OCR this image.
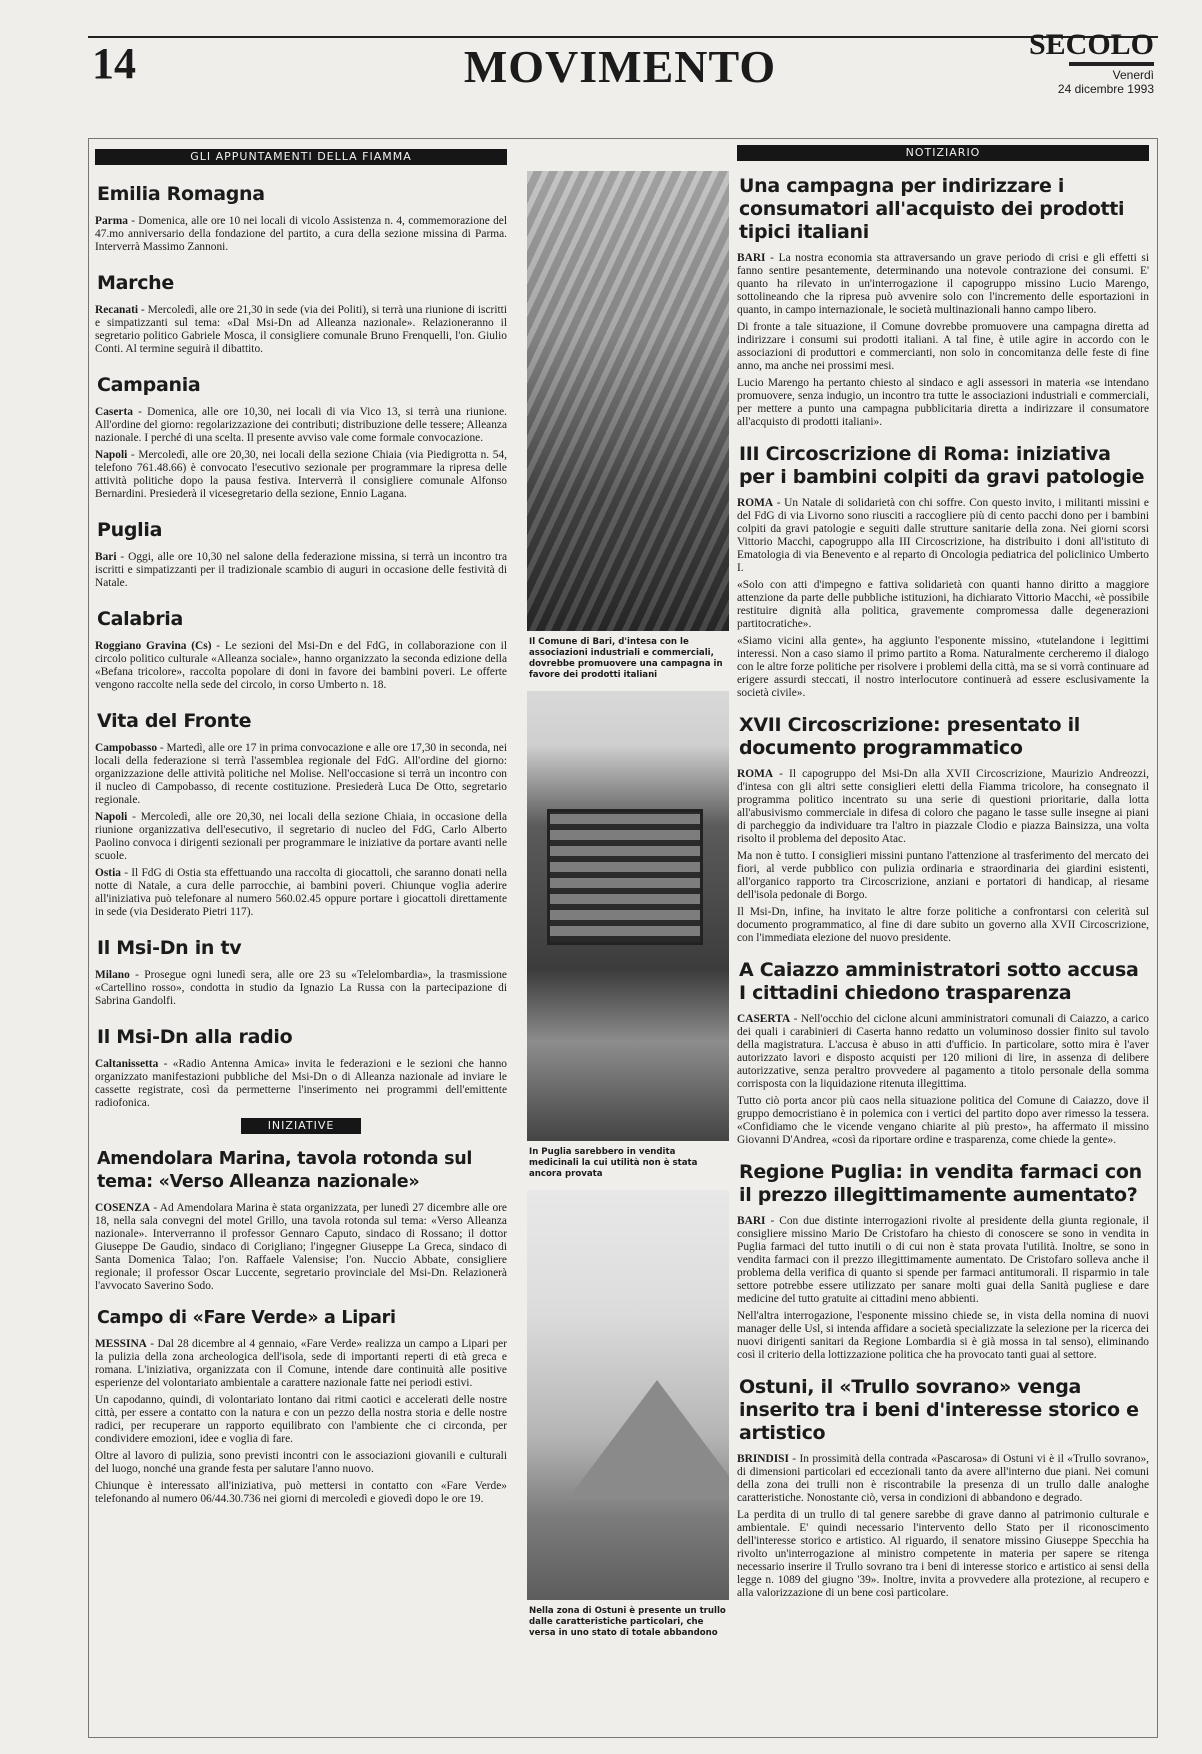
14	MOVIMENTO	SECOLO
Venerdì
24 dicembre 1993
GLI APPUNTAMENTI DELLA FIAMMA
Emilia Romagna

Parma - Domenica, alle ore 10 nei locali di vicolo Assistenza n. 4, commemorazione del 47.mo anniversario della fondazione del partito, a cura della sezione missina di Parma. Interverrà Massimo Zannoni.

Marche

Recanati - Mercoledì, alle ore 21,30 in sede (via dei Politi), si terrà una riunione di iscritti e simpatizzanti sul tema: «Dal Msi-Dn ad Alleanza nazionale». Relazioneranno il segretario politico Gabriele Mosca, il consigliere comunale Bruno Frenquelli, l'on. Giulio Conti. Al termine seguirà il dibattito.

Campania

Caserta - Domenica, alle ore 10,30, nei locali di via Vico 13, si terrà una riunione. All'ordine del giorno: regolarizzazione dei contributi; distribuzione delle tessere; Alleanza nazionale. I perché di una scelta. Il presente avviso vale come formale convocazione.

Napoli - Mercoledì, alle ore 20,30, nei locali della sezione Chiaia (via Piedigrotta n. 54, telefono 761.48.66) è convocato l'esecutivo sezionale per programmare la ripresa delle attività politiche dopo la pausa festiva. Interverrà il consigliere comunale Alfonso Bernardini. Presiederà il vicesegretario della sezione, Ennio Lagana.

Puglia

Bari - Oggi, alle ore 10,30 nel salone della federazione missina, si terrà un incontro tra iscritti e simpatizzanti per il tradizionale scambio di auguri in occasione delle festività di Natale.

Calabria

Roggiano Gravina (Cs) - Le sezioni del Msi-Dn e del FdG, in collaborazione con il circolo politico culturale «Alleanza sociale», hanno organizzato la seconda edizione della «Befana tricolore», raccolta popolare di doni in favore dei bambini poveri. Le offerte vengono raccolte nella sede del circolo, in corso Umberto n. 18.

Vita del Fronte

Campobasso - Martedì, alle ore 17 in prima convocazione e alle ore 17,30 in seconda, nei locali della federazione si terrà l'assemblea regionale del FdG. All'ordine del giorno: organizzazione delle attività politiche nel Molise. Nell'occasione si terrà un incontro con il nucleo di Campobasso, di recente costituzione. Presiederà Luca De Otto, segretario regionale.

Napoli - Mercoledì, alle ore 20,30, nei locali della sezione Chiaia, in occasione della riunione organizzativa dell'esecutivo, il segretario di nucleo del FdG, Carlo Alberto Paolino convoca i dirigenti sezionali per programmare le iniziative da portare avanti nelle scuole.

Ostia - Il FdG di Ostia sta effettuando una raccolta di giocattoli, che saranno donati nella notte di Natale, a cura delle parrocchie, ai bambini poveri. Chiunque voglia aderire all'iniziativa può telefonare al numero 560.02.45 oppure portare i giocattoli direttamente in sede (via Desiderato Pietri 117).

Il Msi-Dn in tv

Milano - Prosegue ogni lunedì sera, alle ore 23 su «Telelombardia», la trasmissione «Cartellino rosso», condotta in studio da Ignazio La Russa con la partecipazione di Sabrina Gandolfi.

Il Msi-Dn alla radio

Caltanissetta - «Radio Antenna Amica» invita le federazioni e le sezioni che hanno organizzato manifestazioni pubbliche del Msi-Dn o di Alleanza nazionale ad inviare le cassette registrate, così da permetterne l'inserimento nei programmi dell'emittente radiofonica.

INIZIATIVE
Amendolara Marina, tavola rotonda sul tema: «Verso Alleanza nazionale»

COSENZA - Ad Amendolara Marina è stata organizzata, per lunedì 27 dicembre alle ore 18, nella sala convegni del motel Grillo, una tavola rotonda sul tema: «Verso Alleanza nazionale». Interverranno il professor Gennaro Caputo, sindaco di Rossano; il dottor Giuseppe De Gaudio, sindaco di Corigliano; l'ingegner Giuseppe La Greca, sindaco di Santa Domenica Talao; l'on. Raffaele Valensise; l'on. Nuccio Abbate, consigliere regionale; il professor Oscar Luccente, segretario provinciale del Msi-Dn. Relazionerà l'avvocato Saverino Sodo.

Campo di «Fare Verde» a Lipari

MESSINA - Dal 28 dicembre al 4 gennaio, «Fare Verde» realizza un campo a Lipari per la pulizia della zona archeologica dell'isola, sede di importanti reperti di età greca e romana. L'iniziativa, organizzata con il Comune, intende dare continuità alle positive esperienze del volontariato ambientale a carattere nazionale fatte nei periodi estivi.

Un capodanno, quindi, di volontariato lontano dai ritmi caotici e accelerati delle nostre città, per essere a contatto con la natura e con un pezzo della nostra storia e delle nostre radici, per recuperare un rapporto equilibrato con l'ambiente che ci circonda, per condividere emozioni, idee e voglia di fare.

Oltre al lavoro di pulizia, sono previsti incontri con le associazioni giovanili e culturali del luogo, nonché una grande festa per salutare l'anno nuovo.

Chiunque è interessato all'iniziativa, può mettersi in contatto con «Fare Verde» telefonando al numero 06/44.30.736 nei giorni di mercoledì e giovedì dopo le ore 19.

Il Comune di Bari, d'intesa con le associazioni industriali e commerciali, dovrebbe promuovere una campagna in favore dei prodotti italiani
In Puglia sarebbero in vendita medicinali la cui utilità non è stata ancora provata
Nella zona di Ostuni è presente un trullo dalle caratteristiche particolari, che versa in uno stato di totale abbandono
NOTIZIARIO
Una campagna per indirizzare i consumatori all'acquisto dei prodotti tipici italiani

BARI - La nostra economia sta attraversando un grave periodo di crisi e gli effetti si fanno sentire pesantemente, determinando una notevole contrazione dei consumi. E' quanto ha rilevato in un'interrogazione il capogruppo missino Lucio Marengo, sottolineando che la ripresa può avvenire solo con l'incremento delle esportazioni in quanto, in campo internazionale, le società multinazionali hanno campo libero.

Di fronte a tale situazione, il Comune dovrebbe promuovere una campagna diretta ad indirizzare i consumi sui prodotti italiani. A tal fine, è utile agire in accordo con le associazioni di produttori e commercianti, non solo in concomitanza delle feste di fine anno, ma anche nei prossimi mesi.

Lucio Marengo ha pertanto chiesto al sindaco e agli assessori in materia «se intendano promuovere, senza indugio, un incontro tra tutte le associazioni industriali e commerciali, per mettere a punto una campagna pubblicitaria diretta a indirizzare il consumatore all'acquisto di prodotti italiani».

III Circoscrizione di Roma: iniziativa per i bambini colpiti da gravi patologie

ROMA - Un Natale di solidarietà con chi soffre. Con questo invito, i militanti missini e del FdG di via Livorno sono riusciti a raccogliere più di cento pacchi dono per i bambini colpiti da gravi patologie e seguiti dalle strutture sanitarie della zona. Nei giorni scorsi Vittorio Macchi, capogruppo alla III Circoscrizione, ha distribuito i doni all'istituto di Ematologia di via Benevento e al reparto di Oncologia pediatrica del policlinico Umberto I.

«Solo con atti d'impegno e fattiva solidarietà con quanti hanno diritto a maggiore attenzione da parte delle pubbliche istituzioni, ha dichiarato Vittorio Macchi, «è possibile restituire dignità alla politica, gravemente compromessa dalle degenerazioni partitocratiche».

«Siamo vicini alla gente», ha aggiunto l'esponente missino, «tutelandone i legittimi interessi. Non a caso siamo il primo partito a Roma. Naturalmente cercheremo il dialogo con le altre forze politiche per risolvere i problemi della città, ma se si vorrà continuare ad erigere assurdi steccati, il nostro interlocutore continuerà ad essere esclusivamente la società civile».

XVII Circoscrizione: presentato il documento programmatico

ROMA - Il capogruppo del Msi-Dn alla XVII Circoscrizione, Maurizio Andreozzi, d'intesa con gli altri sette consiglieri eletti della Fiamma tricolore, ha consegnato il programma politico incentrato su una serie di questioni prioritarie, dalla lotta all'abusivismo commerciale in difesa di coloro che pagano le tasse sulle insegne ai piani di parcheggio da individuare tra l'altro in piazzale Clodio e piazza Bainsizza, una volta risolto il problema del deposito Atac.

Ma non è tutto. I consiglieri missini puntano l'attenzione al trasferimento del mercato dei fiori, al verde pubblico con pulizia ordinaria e straordinaria dei giardini esistenti, all'organico rapporto tra Circoscrizione, anziani e portatori di handicap, al riesame dell'isola pedonale di Borgo.

Il Msi-Dn, infine, ha invitato le altre forze politiche a confrontarsi con celerità sul documento programmatico, al fine di dare subito un governo alla XVII Circoscrizione, con l'immediata elezione del nuovo presidente.

A Caiazzo amministratori sotto accusa I cittadini chiedono trasparenza

CASERTA - Nell'occhio del ciclone alcuni amministratori comunali di Caiazzo, a carico dei quali i carabinieri di Caserta hanno redatto un voluminoso dossier finito sul tavolo della magistratura. L'accusa è abuso in atti d'ufficio. In particolare, sotto mira è l'aver autorizzato lavori e disposto acquisti per 120 milioni di lire, in assenza di delibere autorizzative, senza peraltro provvedere al pagamento a titolo personale della somma corrisposta con la liquidazione ritenuta illegittima.

Tutto ciò porta ancor più caos nella situazione politica del Comune di Caiazzo, dove il gruppo democristiano è in polemica con i vertici del partito dopo aver rimesso la tessera. «Confidiamo che le vicende vengano chiarite al più presto», ha affermato il missino Giovanni D'Andrea, «così da riportare ordine e trasparenza, come chiede la gente».

Regione Puglia: in vendita farmaci con il prezzo illegittimamente aumentato?

BARI - Con due distinte interrogazioni rivolte al presidente della giunta regionale, il consigliere missino Mario De Cristofaro ha chiesto di conoscere se sono in vendita in Puglia farmaci del tutto inutili o di cui non è stata provata l'utilità. Inoltre, se sono in vendita farmaci con il prezzo illegittimamente aumentato. De Cristofaro solleva anche il problema della verifica di quanto si spende per farmaci antitumorali. Il risparmio in tale settore potrebbe essere utilizzato per sanare molti guai della Sanità pugliese e dare medicine del tutto gratuite ai cittadini meno abbienti.

Nell'altra interrogazione, l'esponente missino chiede se, in vista della nomina di nuovi manager delle Usl, si intenda affidare a società specializzate la selezione per la ricerca dei nuovi dirigenti sanitari da Regione Lombardia si è già mossa in tal senso), eliminando così il criterio della lottizzazione politica che ha provocato tanti guai al settore.

Ostuni, il «Trullo sovrano» venga inserito tra i beni d'interesse storico e artistico

BRINDISI - In prossimità della contrada «Pascarosa» di Ostuni vi è il «Trullo sovrano», di dimensioni particolari ed eccezionali tanto da avere all'interno due piani. Nei comuni della zona dei trulli non è riscontrabile la presenza di un trullo dalle analoghe caratteristiche. Nonostante ciò, versa in condizioni di abbandono e degrado.

La perdita di un trullo di tal genere sarebbe di grave danno al patrimonio culturale e ambientale. E' quindi necessario l'intervento dello Stato per il riconoscimento dell'interesse storico e artistico. Al riguardo, il senatore missino Giuseppe Specchia ha rivolto un'interrogazione al ministro competente in materia per sapere se ritenga necessario inserire il Trullo sovrano tra i beni di interesse storico e artistico ai sensi della legge n. 1089 del giugno '39». Inoltre, invita a provvedere alla protezione, al recupero e alla valorizzazione di un bene così particolare.
